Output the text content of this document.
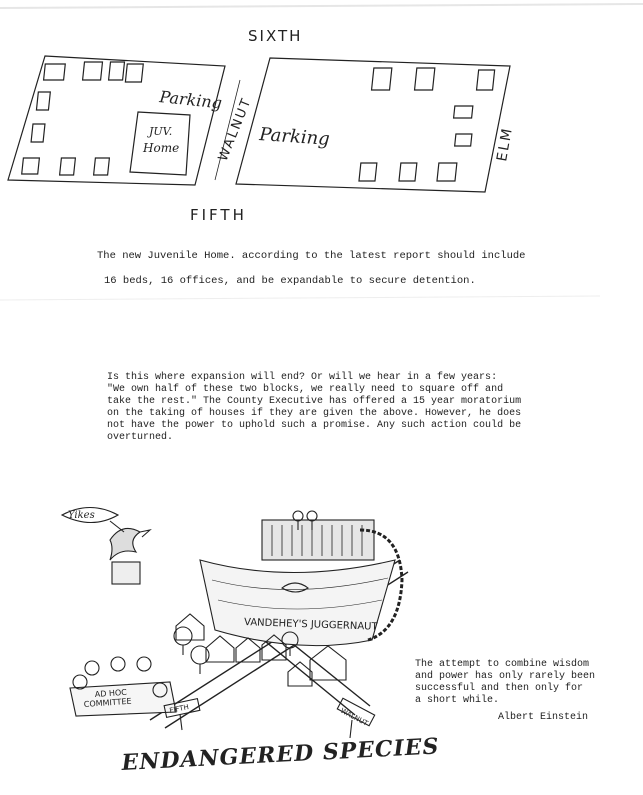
SIXTH
FIFTH
WALNUT	ELM
Parking
JUV.
Home	Parking
Yikes
VANDEHEY'S JUGGERNAUT
AD HOC
COMMITTEE
FIFTH	WALNUT
ENDANGERED SPECIES

The new Juvenile Home. according to the latest report should include

16 beds, 16 offices, and be expandable to secure detention.

Is this where expansion will end? Or will we hear in a few years:
"We own half of these two blocks, we really need to square off and
take the rest." The County Executive has offered a 15 year moratorium
on the taking of houses if they are given the above. However, he does
not have the power to uphold such a promise. Any such action could be
overturned.

The attempt to combine wisdom
and power has only rarely been
successful and then only for
a short while.

Albert Einstein
